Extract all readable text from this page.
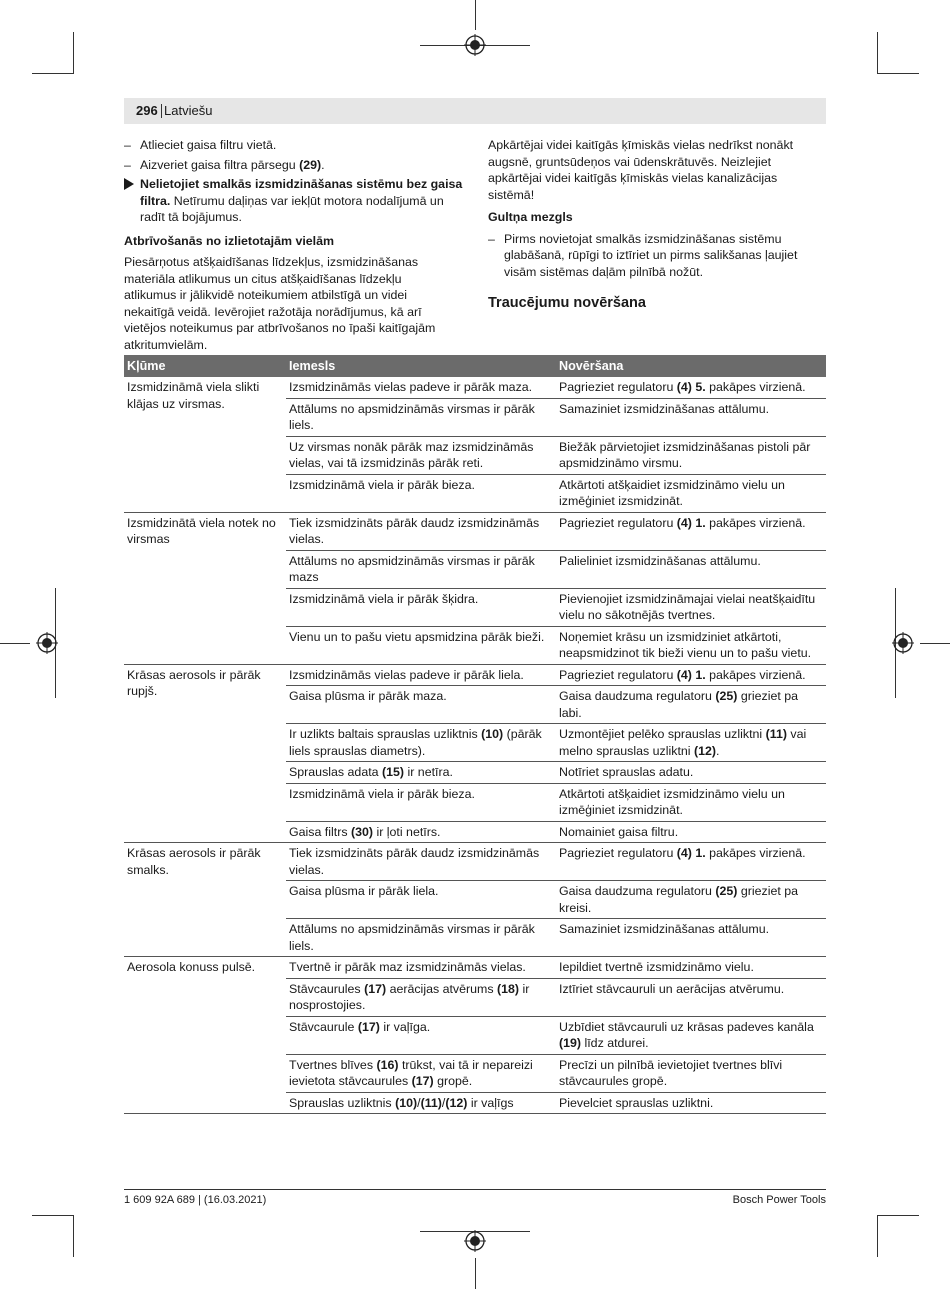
296 Latviešu

– Atlieciet gaisa filtru vietā.

– Aizveriet gaisa filtra pārsegu (29).

Nelietojiet smalkās izsmidzināšanas sistēmu bez gaisa filtra. Netīrumu daļiņas var iekļūt motora nodalījumā un radīt tā bojājumus.

Atbrīvošanās no izlietotajām vielām

Piesārņotus atšķaidīšanas līdzekļus, izsmidzināšanas materiāla atlikumus un citus atšķaidīšanas līdzekļu atlikumus ir jālikvidē noteikumiem atbilstīgā un videi nekaitīgā veidā. Ievērojiet ražotāja norādījumus, kā arī vietējos noteikumus par atbrīvošanos no īpaši kaitīgajām atkritumvielām.

Apkārtējai videi kaitīgās ķīmiskās vielas nedrīkst nonākt augsnē, gruntsūdeņos vai ūdenskrātuvēs. Neizlejiet apkārtējai videi kaitīgās ķīmiskās vielas kanalizācijas sistēmā!

Gultņa mezgls

– Pirms novietojat smalkās izsmidzināšanas sistēmu glabāšanā, rūpīgi to iztīriet un pirms salikšanas ļaujiet visām sistēmas daļām pilnībā nožūt.

Traucējumu novēršana
Kļūme	Iemesls	Novēršana
Izsmidzināmā viela slikti klājas uz virsmas.	Izsmidzināmās vielas padeve ir pārāk maza.	Pagrieziet regulatoru (4) 5. pakāpes virzienā.
	Attālums no apsmidzināmās virsmas ir pārāk liels.	Samaziniet izsmidzināšanas attālumu.
	Uz virsmas nonāk pārāk maz izsmidzināmās vielas, vai tā izsmidzinās pārāk reti.	Biežāk pārvietojiet izsmidzināšanas pistoli pār apsmidzināmo virsmu.
	Izsmidzināmā viela ir pārāk bieza.	Atkārtoti atšķaidiet izsmidzināmo vielu un izmēģiniet izsmidzināt.
Izsmidzinātā viela notek no virsmas	Tiek izsmidzināts pārāk daudz izsmidzināmās vielas.	Pagrieziet regulatoru (4) 1. pakāpes virzienā.
	Attālums no apsmidzināmās virsmas ir pārāk mazs	Palieliniet izsmidzināšanas attālumu.
	Izsmidzināmā viela ir pārāk šķidra.	Pievienojiet izsmidzināmajai vielai neatšķaidītu vielu no sākotnējās tvertnes.
	Vienu un to pašu vietu apsmidzina pārāk bieži.	Noņemiet krāsu un izsmidziniet atkārtoti, neapsmidzinot tik bieži vienu un to pašu vietu.
Krāsas aerosols ir pārāk rupjš.	Izsmidzināmās vielas padeve ir pārāk liela.	Pagrieziet regulatoru (4) 1. pakāpes virzienā.
	Gaisa plūsma ir pārāk maza.	Gaisa daudzuma regulatoru (25) grieziet pa labi.
	Ir uzlikts baltais sprauslas uzliktnis (10) (pārāk liels sprauslas diametrs).	Uzmontējiet pelēko sprauslas uzliktni (11) vai melno sprauslas uzliktni (12).
	Sprauslas adata (15) ir netīra.	Notīriet sprauslas adatu.
	Izsmidzināmā viela ir pārāk bieza.	Atkārtoti atšķaidiet izsmidzināmo vielu un izmēģiniet izsmidzināt.
	Gaisa filtrs (30) ir ļoti netīrs.	Nomainiet gaisa filtru.
Krāsas aerosols ir pārāk smalks.	Tiek izsmidzināts pārāk daudz izsmidzināmās vielas.	Pagrieziet regulatoru (4) 1. pakāpes virzienā.
	Gaisa plūsma ir pārāk liela.	Gaisa daudzuma regulatoru (25) grieziet pa kreisi.
	Attālums no apsmidzināmās virsmas ir pārāk liels.	Samaziniet izsmidzināšanas attālumu.
Aerosola konuss pulsē.	Tvertnē ir pārāk maz izsmidzināmās vielas.	Iepildiet tvertnē izsmidzināmo vielu.
	Stāvcaurules (17) aerācijas atvērums (18) ir nosprostojies.	Iztīriet stāvcauruli un aerācijas atvērumu.
	Stāvcaurule (17) ir vaļīga.	Uzbīdiet stāvcauruli uz krāsas padeves kanāla (19) līdz atdurei.
	Tvertnes blīves (16) trūkst, vai tā ir nepareizi ievietota stāvcaurules (17) gropē.	Precīzi un pilnībā ievietojiet tvertnes blīvi stāvcaurules gropē.
	Sprauslas uzliktnis (10)/(11)/(12) ir vaļīgs	Pievelciet sprauslas uzliktni.
1 609 92A 689 | (16.03.2021)	Bosch Power Tools
